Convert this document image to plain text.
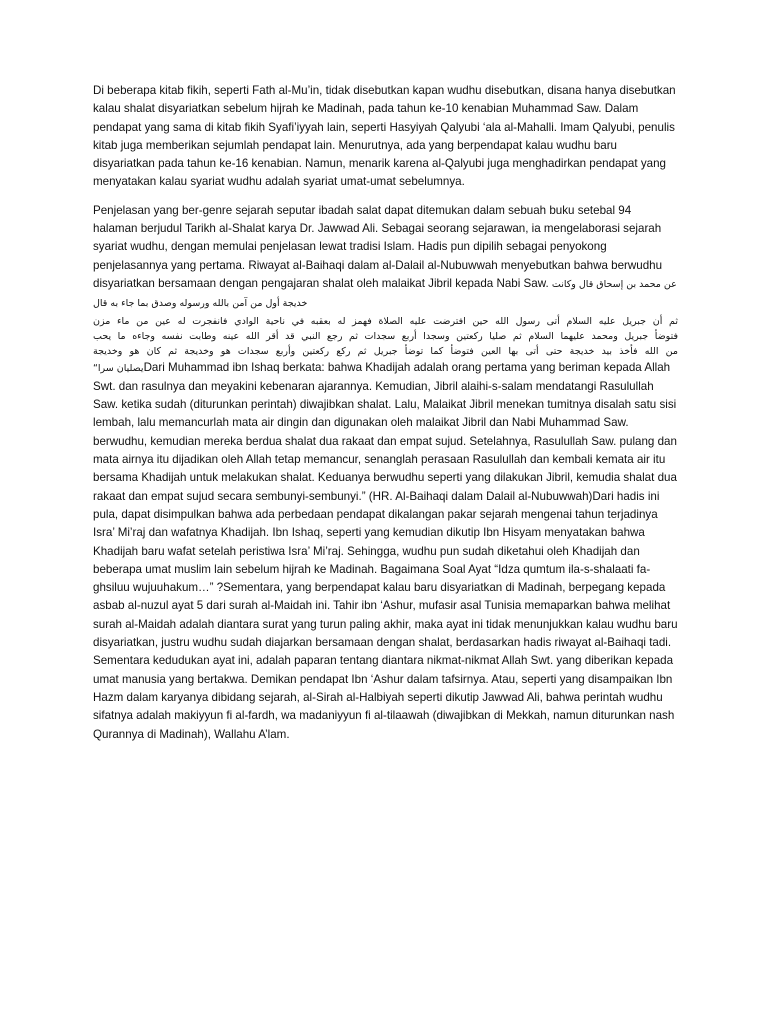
Di beberapa kitab fikih, seperti Fath al-Mu’in, tidak disebutkan kapan wudhu disebutkan, disana hanya disebutkan kalau shalat disyariatkan sebelum hijrah ke Madinah, pada tahun ke-10 kenabian Muhammad Saw. Dalam pendapat yang sama di kitab fikih Syafi’iyyah lain, seperti Hasyiyah Qalyubi ‘ala al-Mahalli. Imam Qalyubi, penulis kitab juga memberikan sejumlah pendapat lain. Menurutnya, ada yang berpendapat kalau wudhu baru disyariatkan pada tahun ke-16 kenabian. Namun, menarik karena al-Qalyubi juga menghadirkan pendapat yang menyatakan kalau syariat wudhu adalah syariat umat-umat sebelumnya.

Penjelasan yang ber-genre sejarah seputar ibadah salat dapat ditemukan dalam sebuah buku setebal 94 halaman berjudul Tarikh al-Shalat karya Dr. Jawwad Ali. Sebagai seorang sejarawan, ia mengelaborasi sejarah syariat wudhu, dengan memulai penjelasan lewat tradisi Islam. Hadis pun dipilih sebagai penyokong penjelasannya yang pertama. Riwayat al-Baihaqi dalam al-Dalail al-Nubuwwah menyebutkan bahwa berwudhu disyariatkan bersamaan dengan pengajaran shalat oleh malaikat Jibril kepada Nabi Saw. عن محمد بن إسحاق قال وكانت خديجة أول من آمن بالله ورسوله وصدق بما جاء به قال
ثم أن جبريل عليه السلام أتى رسول الله حين افترضت عليه الصلاة فهمز له بعقبه في ناحية الوادي فانفجرت له عين من ماء مزن
فتوضأ جبريل ومحمد عليهما السلام ثم صليا ركعتين وسجدا أربع سجدات ثم رجع النبي قد أقر الله عينه وطابت نفسه وجاءه ما يحب
من الله فأخذ بيد خديجة حتى أتى بها العين فتوضأ كما توضأ جبريل ثم ركع ركعتين وأربع سجدات هو وخديجة ثم كان هو وخديجة
يصليان سرا“Dari Muhammad ibn Ishaq berkata: bahwa Khadijah adalah orang pertama yang beriman kepada Allah Swt. dan rasulnya dan meyakini kebenaran ajarannya. Kemudian, Jibril alaihi-s-salam mendatangi Rasulullah Saw. ketika sudah (diturunkan perintah) diwajibkan shalat. Lalu, Malaikat Jibril menekan tumitnya disalah satu sisi lembah, lalu memancurlah mata air dingin dan digunakan oleh malaikat Jibril dan Nabi Muhammad Saw. berwudhu, kemudian mereka berdua shalat dua rakaat dan empat sujud. Setelahnya, Rasulullah Saw. pulang dan mata airnya itu dijadikan oleh Allah tetap memancur, senanglah perasaan Rasulullah dan kembali kemata air itu bersama Khadijah untuk melakukan shalat. Keduanya berwudhu seperti yang dilakukan Jibril, kemudia shalat dua rakaat dan empat sujud secara sembunyi-sembunyi.” (HR. Al-Baihaqi dalam Dalail al-Nubuwwah)Dari hadis ini pula, dapat disimpulkan bahwa ada perbedaan pendapat dikalangan pakar sejarah mengenai tahun terjadinya Isra’ Mi’raj dan wafatnya Khadijah. Ibn Ishaq, seperti yang kemudian dikutip Ibn Hisyam menyatakan bahwa Khadijah baru wafat setelah peristiwa Isra’ Mi’raj. Sehingga, wudhu pun sudah diketahui oleh Khadijah dan beberapa umat muslim lain sebelum hijrah ke Madinah. Bagaimana Soal Ayat “Idza qumtum ila-s-shalaati fa-ghsiluu wujuuhakum…” ?Sementara, yang berpendapat kalau baru disyariatkan di Madinah, berpegang kepada asbab al-nuzul ayat 5 dari surah al-Maidah ini. Tahir ibn ‘Ashur, mufasir asal Tunisia memaparkan bahwa melihat surah al-Maidah adalah diantara surat yang turun paling akhir, maka ayat ini tidak menunjukkan kalau wudhu baru disyariatkan, justru wudhu sudah diajarkan bersamaan dengan shalat, berdasarkan hadis riwayat al-Baihaqi tadi. Sementara kedudukan ayat ini, adalah paparan tentang diantara nikmat-nikmat Allah Swt. yang diberikan kepada umat manusia yang bertakwa. Demikan pendapat Ibn ‘Ashur dalam tafsirnya. Atau, seperti yang disampaikan Ibn Hazm dalam karyanya dibidang sejarah, al-Sirah al-Halbiyah seperti dikutip Jawwad Ali, bahwa perintah wudhu sifatnya adalah makiyyun fi al-fardh, wa madaniyyun fi al-tilaawah (diwajibkan di Mekkah, namun diturunkan nash Qurannya di Madinah), Wallahu A’lam.
